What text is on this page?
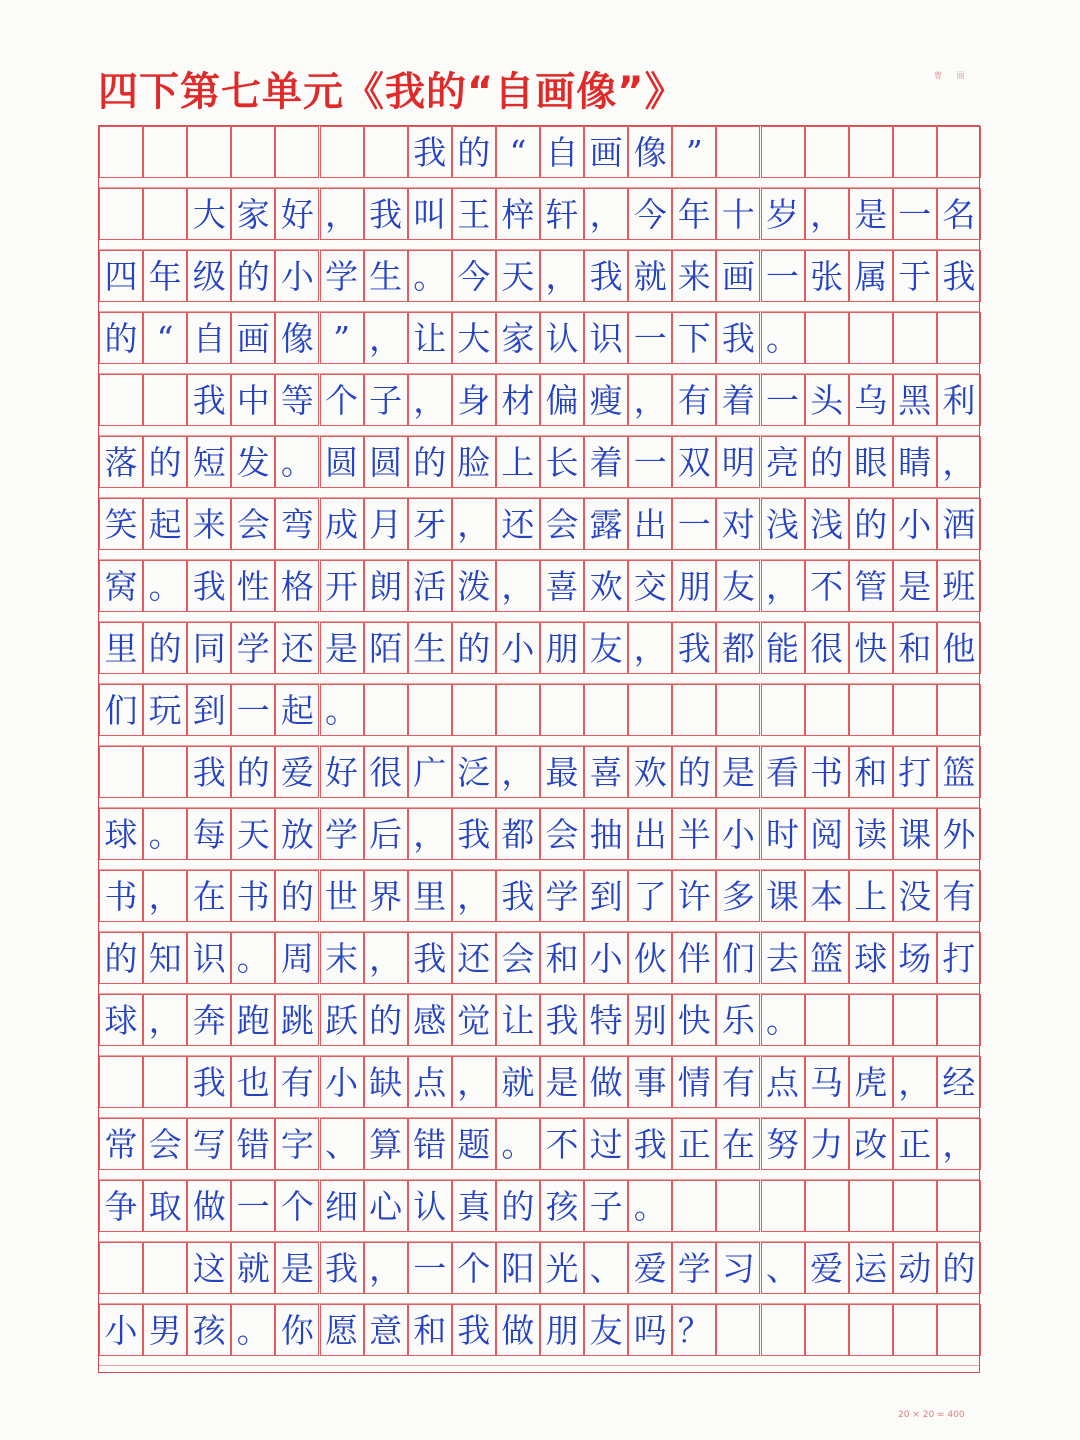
四下第七单元《我的“自画像”》	曹 丽
我 的 “ 自 画 像 ”
大 家 好 ， 我 叫 王 梓 轩 ， 今 年 十 岁 ， 是 一 名
四 年 级 的 小 学 生 。 今 天 ， 我 就 来 画 一 张 属 于 我
的 “ 自 画 像 ” ， 让 大 家 认 识 一 下 我 。
我 中 等 个 子 ， 身 材 偏 瘦 ， 有 着 一 头 乌 黑 利
落 的 短 发 。 圆 圆 的 脸 上 长 着 一 双 明 亮 的 眼 睛 ，
笑 起 来 会 弯 成 月 牙 ， 还 会 露 出 一 对 浅 浅 的 小 酒
窝 。 我 性 格 开 朗 活 泼 ， 喜 欢 交 朋 友 ， 不 管 是 班
里 的 同 学 还 是 陌 生 的 小 朋 友 ， 我 都 能 很 快 和 他
们 玩 到 一 起 。
我 的 爱 好 很 广 泛 ， 最 喜 欢 的 是 看 书 和 打 篮
球 。 每 天 放 学 后 ， 我 都 会 抽 出 半 小 时 阅 读 课 外
书 ， 在 书 的 世 界 里 ， 我 学 到 了 许 多 课 本 上 没 有
的 知 识 。 周 末 ， 我 还 会 和 小 伙 伴 们 去 篮 球 场 打
球 ， 奔 跑 跳 跃 的 感 觉 让 我 特 别 快 乐 。
我 也 有 小 缺 点 ， 就 是 做 事 情 有 点 马 虎 ， 经
常 会 写 错 字 、 算 错 题 。 不 过 我 正 在 努 力 改 正 ，
争 取 做 一 个 细 心 认 真 的 孩 子 。
这 就 是 我 ， 一 个 阳 光 、 爱 学 习 、 爱 运 动 的
小 男 孩 。 你 愿 意 和 我 做 朋 友 吗 ？
20 × 20 = 400
